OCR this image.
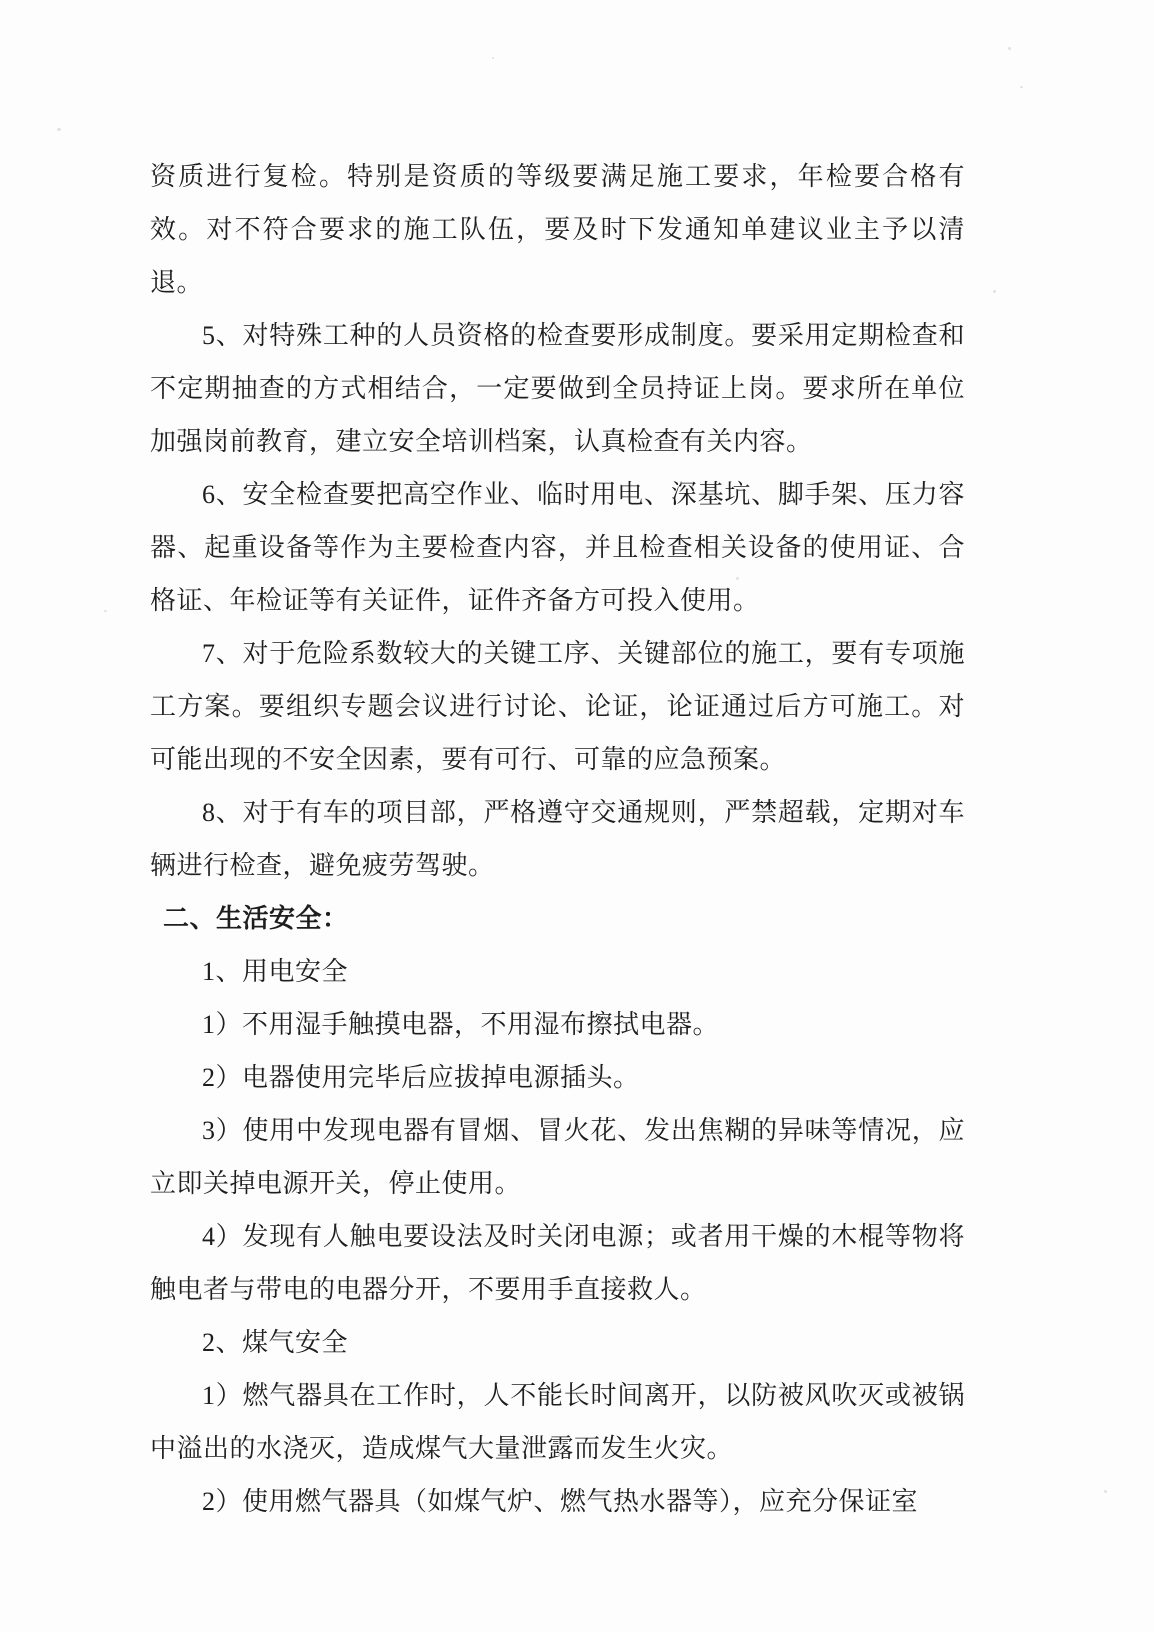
资质进行复检。特别是资质的等级要满足施工要求，年检要合格有效。对不符合要求的施工队伍，要及时下发通知单建议业主予以清退。

5、对特殊工种的人员资格的检查要形成制度。要采用定期检查和不定期抽查的方式相结合，一定要做到全员持证上岗。要求所在单位加强岗前教育，建立安全培训档案，认真检查有关内容。

6、安全检查要把高空作业、临时用电、深基坑、脚手架、压力容器、起重设备等作为主要检查内容，并且检查相关设备的使用证、合格证、年检证等有关证件，证件齐备方可投入使用。

7、对于危险系数较大的关键工序、关键部位的施工，要有专项施工方案。要组织专题会议进行讨论、论证，论证通过后方可施工。对可能出现的不安全因素，要有可行、可靠的应急预案。

8、对于有车的项目部，严格遵守交通规则，严禁超载，定期对车辆进行检查，避免疲劳驾驶。

二、生活安全：

1、用电安全

1）不用湿手触摸电器，不用湿布擦拭电器。

2）电器使用完毕后应拔掉电源插头。

3）使用中发现电器有冒烟、冒火花、发出焦糊的异味等情况，应立即关掉电源开关，停止使用。

4）发现有人触电要设法及时关闭电源；或者用干燥的木棍等物将触电者与带电的电器分开，不要用手直接救人。

2、煤气安全

1）燃气器具在工作时，人不能长时间离开，以防被风吹灭或被锅中溢出的水浇灭，造成煤气大量泄露而发生火灾。

2）使用燃气器具（如煤气炉、燃气热水器等），应充分保证室
